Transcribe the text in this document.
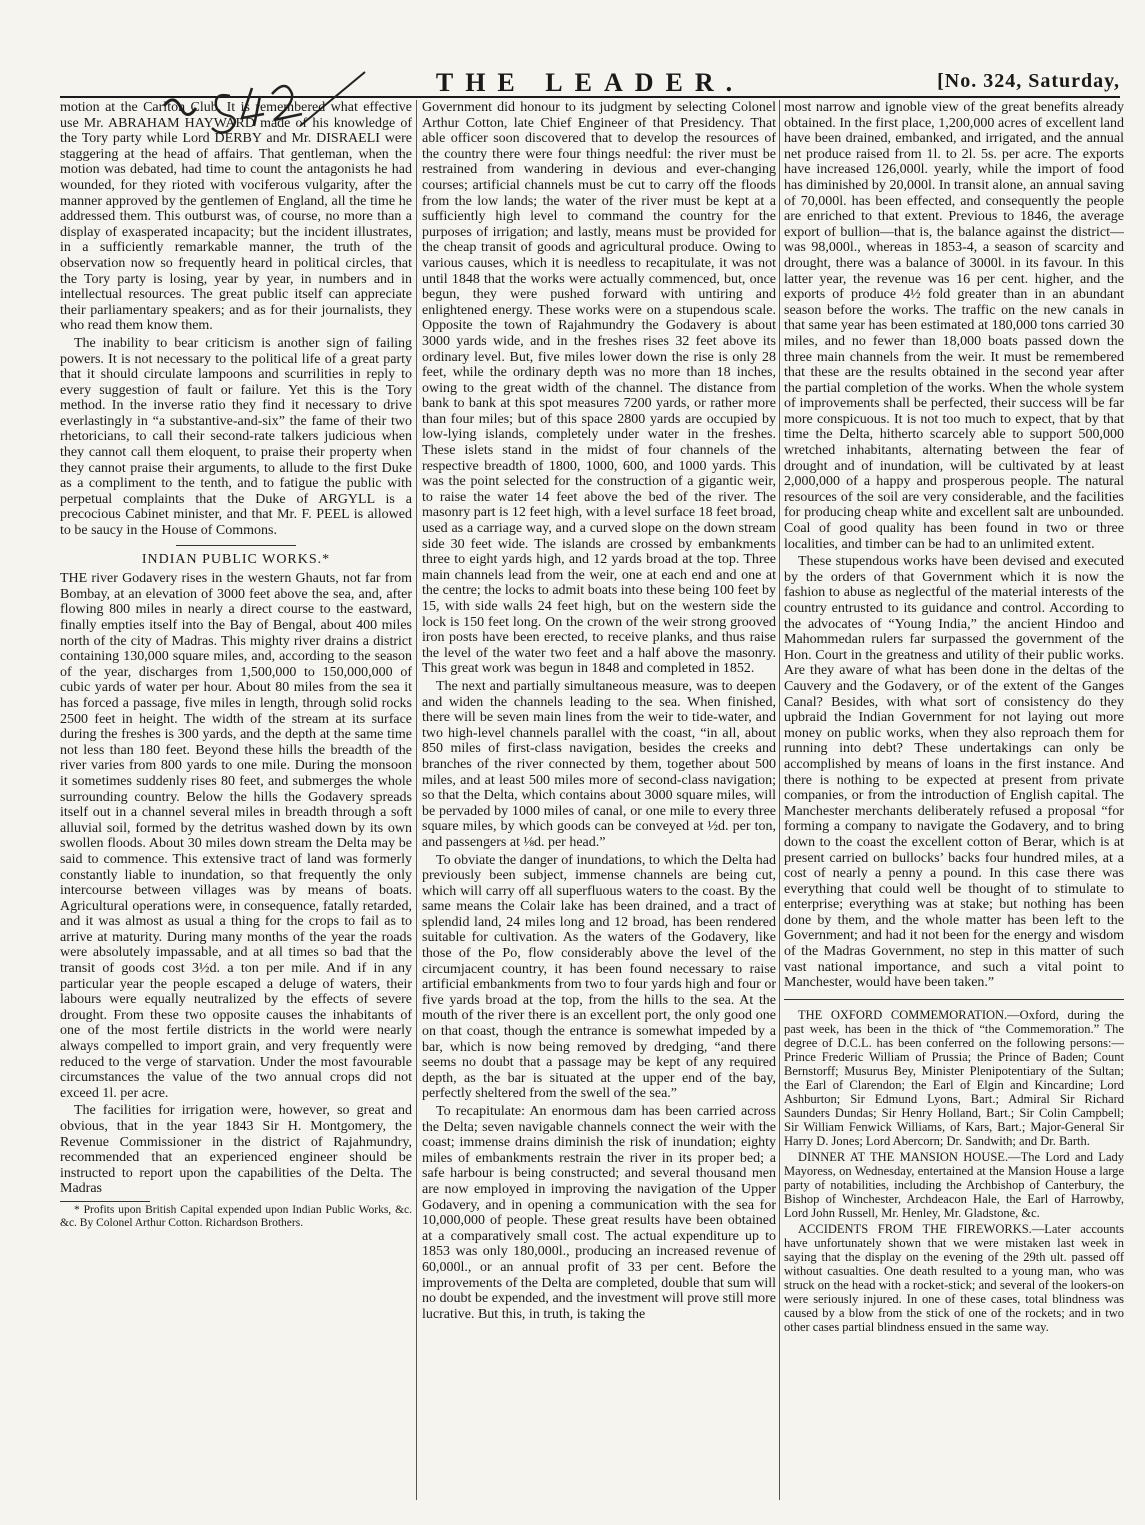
THE LEADER.	[No. 324, Saturday,

motion at the Carlton Club. It is remembered what effective use Mr. ABRAHAM HAYWARD made of his knowledge of the Tory party while Lord DERBY and Mr. DISRAELI were staggering at the head of affairs. That gentleman, when the motion was debated, had time to count the antagonists he had wounded, for they rioted with vociferous vulgarity, after the manner approved by the gentlemen of England, all the time he addressed them. This outburst was, of course, no more than a display of exasperated incapacity; but the incident illustrates, in a sufficiently remarkable manner, the truth of the observation now so frequently heard in political circles, that the Tory party is losing, year by year, in numbers and in intellectual resources. The great public itself can appreciate their parliamentary speakers; and as for their journalists, they who read them know them.

The inability to bear criticism is another sign of failing powers. It is not necessary to the political life of a great party that it should circulate lampoons and scurrilities in reply to every suggestion of fault or failure. Yet this is the Tory method. In the inverse ratio they find it necessary to drive everlastingly in “a substantive-and-six” the fame of their two rhetoricians, to call their second-rate talkers judicious when they cannot call them eloquent, to praise their property when they cannot praise their arguments, to allude to the first Duke as a compliment to the tenth, and to fatigue the public with perpetual complaints that the Duke of ARGYLL is a precocious Cabinet minister, and that Mr. F. PEEL is allowed to be saucy in the House of Commons.

INDIAN PUBLIC WORKS.*

THE river Godavery rises in the western Ghauts, not far from Bombay, at an elevation of 3000 feet above the sea, and, after flowing 800 miles in nearly a direct course to the eastward, finally empties itself into the Bay of Bengal, about 400 miles north of the city of Madras. This mighty river drains a district containing 130,000 square miles, and, according to the season of the year, discharges from 1,500,000 to 150,000,000 of cubic yards of water per hour. About 80 miles from the sea it has forced a passage, five miles in length, through solid rocks 2500 feet in height. The width of the stream at its surface during the freshes is 300 yards, and the depth at the same time not less than 180 feet. Beyond these hills the breadth of the river varies from 800 yards to one mile. During the monsoon it sometimes suddenly rises 80 feet, and submerges the whole surrounding country. Below the hills the Godavery spreads itself out in a channel several miles in breadth through a soft alluvial soil, formed by the detritus washed down by its own swollen floods. About 30 miles down stream the Delta may be said to commence. This extensive tract of land was formerly constantly liable to inundation, so that frequently the only intercourse between villages was by means of boats. Agricultural operations were, in consequence, fatally retarded, and it was almost as usual a thing for the crops to fail as to arrive at maturity. During many months of the year the roads were absolutely impassable, and at all times so bad that the transit of goods cost 3½d. a ton per mile. And if in any particular year the people escaped a deluge of waters, their labours were equally neutralized by the effects of severe drought. From these two opposite causes the inhabitants of one of the most fertile districts in the world were nearly always compelled to import grain, and very frequently were reduced to the verge of starvation. Under the most favourable circumstances the value of the two annual crops did not exceed 1l. per acre.

The facilities for irrigation were, however, so great and obvious, that in the year 1843 Sir H. Montgomery, the Revenue Commissioner in the district of Rajahmundry, recommended that an experienced engineer should be instructed to report upon the capabilities of the Delta. The Madras

* Profits upon British Capital expended upon Indian Public Works, &c. &c. By Colonel Arthur Cotton. Richardson Brothers.

Government did honour to its judgment by selecting Colonel Arthur Cotton, late Chief Engineer of that Presidency. That able officer soon discovered that to develop the resources of the country there were four things needful: the river must be restrained from wandering in devious and ever-changing courses; artificial channels must be cut to carry off the floods from the low lands; the water of the river must be kept at a sufficiently high level to command the country for the purposes of irrigation; and lastly, means must be provided for the cheap transit of goods and agricultural produce. Owing to various causes, which it is needless to recapitulate, it was not until 1848 that the works were actually commenced, but, once begun, they were pushed forward with untiring and enlightened energy. These works were on a stupendous scale. Opposite the town of Rajahmundry the Godavery is about 3000 yards wide, and in the freshes rises 32 feet above its ordinary level. But, five miles lower down the rise is only 28 feet, while the ordinary depth was no more than 18 inches, owing to the great width of the channel. The distance from bank to bank at this spot measures 7200 yards, or rather more than four miles; but of this space 2800 yards are occupied by low-lying islands, completely under water in the freshes. These islets stand in the midst of four channels of the respective breadth of 1800, 1000, 600, and 1000 yards. This was the point selected for the construction of a gigantic weir, to raise the water 14 feet above the bed of the river. The masonry part is 12 feet high, with a level surface 18 feet broad, used as a carriage way, and a curved slope on the down stream side 30 feet wide. The islands are crossed by embankments three to eight yards high, and 12 yards broad at the top. Three main channels lead from the weir, one at each end and one at the centre; the locks to admit boats into these being 100 feet by 15, with side walls 24 feet high, but on the western side the lock is 150 feet long. On the crown of the weir strong grooved iron posts have been erected, to receive planks, and thus raise the level of the water two feet and a half above the masonry. This great work was begun in 1848 and completed in 1852.

The next and partially simultaneous measure, was to deepen and widen the channels leading to the sea. When finished, there will be seven main lines from the weir to tide-water, and two high-level channels parallel with the coast, “in all, about 850 miles of first-class navigation, besides the creeks and branches of the river connected by them, together about 500 miles, and at least 500 miles more of second-class navigation; so that the Delta, which contains about 3000 square miles, will be pervaded by 1000 miles of canal, or one mile to every three square miles, by which goods can be conveyed at ½d. per ton, and passengers at ⅛d. per head.”

To obviate the danger of inundations, to which the Delta had previously been subject, immense channels are being cut, which will carry off all superfluous waters to the coast. By the same means the Colair lake has been drained, and a tract of splendid land, 24 miles long and 12 broad, has been rendered suitable for cultivation. As the waters of the Godavery, like those of the Po, flow considerably above the level of the circumjacent country, it has been found necessary to raise artificial embankments from two to four yards high and four or five yards broad at the top, from the hills to the sea. At the mouth of the river there is an excellent port, the only good one on that coast, though the entrance is somewhat impeded by a bar, which is now being removed by dredging, “and there seems no doubt that a passage may be kept of any required depth, as the bar is situated at the upper end of the bay, perfectly sheltered from the swell of the sea.”

To recapitulate: An enormous dam has been carried across the Delta; seven navigable channels connect the weir with the coast; immense drains diminish the risk of inundation; eighty miles of embankments restrain the river in its proper bed; a safe harbour is being constructed; and several thousand men are now employed in improving the navigation of the Upper Godavery, and in opening a communication with the sea for 10,000,000 of people. These great results have been obtained at a comparatively small cost. The actual expenditure up to 1853 was only 180,000l., producing an increased revenue of 60,000l., or an annual profit of 33 per cent. Before the improvements of the Delta are completed, double that sum will no doubt be expended, and the investment will prove still more lucrative. But this, in truth, is taking the

most narrow and ignoble view of the great benefits already obtained. In the first place, 1,200,000 acres of excellent land have been drained, embanked, and irrigated, and the annual net produce raised from 1l. to 2l. 5s. per acre. The exports have increased 126,000l. yearly, while the import of food has diminished by 20,000l. In transit alone, an annual saving of 70,000l. has been effected, and consequently the people are enriched to that extent. Previous to 1846, the average export of bullion—that is, the balance against the district—was 98,000l., whereas in 1853-4, a season of scarcity and drought, there was a balance of 3000l. in its favour. In this latter year, the revenue was 16 per cent. higher, and the exports of produce 4½ fold greater than in an abundant season before the works. The traffic on the new canals in that same year has been estimated at 180,000 tons carried 30 miles, and no fewer than 18,000 boats passed down the three main channels from the weir. It must be remembered that these are the results obtained in the second year after the partial completion of the works. When the whole system of improvements shall be perfected, their success will be far more conspicuous. It is not too much to expect, that by that time the Delta, hitherto scarcely able to support 500,000 wretched inhabitants, alternating between the fear of drought and of inundation, will be cultivated by at least 2,000,000 of a happy and prosperous people. The natural resources of the soil are very considerable, and the facilities for producing cheap white and excellent salt are unbounded. Coal of good quality has been found in two or three localities, and timber can be had to an unlimited extent.

These stupendous works have been devised and executed by the orders of that Government which it is now the fashion to abuse as neglectful of the material interests of the country entrusted to its guidance and control. According to the advocates of “Young India,” the ancient Hindoo and Mahommedan rulers far surpassed the government of the Hon. Court in the greatness and utility of their public works. Are they aware of what has been done in the deltas of the Cauvery and the Godavery, or of the extent of the Ganges Canal? Besides, with what sort of consistency do they upbraid the Indian Government for not laying out more money on public works, when they also reproach them for running into debt? These undertakings can only be accomplished by means of loans in the first instance. And there is nothing to be expected at present from private companies, or from the introduction of English capital. The Manchester merchants deliberately refused a proposal “for forming a company to navigate the Godavery, and to bring down to the coast the excellent cotton of Berar, which is at present carried on bullocks’ backs four hundred miles, at a cost of nearly a penny a pound. In this case there was everything that could well be thought of to stimulate to enterprise; everything was at stake; but nothing has been done by them, and the whole matter has been left to the Government; and had it not been for the energy and wisdom of the Madras Government, no step in this matter of such vast national importance, and such a vital point to Manchester, would have been taken.”

THE OXFORD COMMEMORATION.—Oxford, during the past week, has been in the thick of “the Commemoration.” The degree of D.C.L. has been conferred on the following persons:—Prince Frederic William of Prussia; the Prince of Baden; Count Bernstorff; Musurus Bey, Minister Plenipotentiary of the Sultan; the Earl of Clarendon; the Earl of Elgin and Kincardine; Lord Ashburton; Sir Edmund Lyons, Bart.; Admiral Sir Richard Saunders Dundas; Sir Henry Holland, Bart.; Sir Colin Campbell; Sir William Fenwick Williams, of Kars, Bart.; Major-General Sir Harry D. Jones; Lord Abercorn; Dr. Sandwith; and Dr. Barth.

DINNER AT THE MANSION HOUSE.—The Lord and Lady Mayoress, on Wednesday, entertained at the Mansion House a large party of notabilities, including the Archbishop of Canterbury, the Bishop of Winchester, Archdeacon Hale, the Earl of Harrowby, Lord John Russell, Mr. Henley, Mr. Gladstone, &c.

ACCIDENTS FROM THE FIREWORKS.—Later accounts have unfortunately shown that we were mistaken last week in saying that the display on the evening of the 29th ult. passed off without casualties. One death resulted to a young man, who was struck on the head with a rocket-stick; and several of the lookers-on were seriously injured. In one of these cases, total blindness was caused by a blow from the stick of one of the rockets; and in two other cases partial blindness ensued in the same way.
